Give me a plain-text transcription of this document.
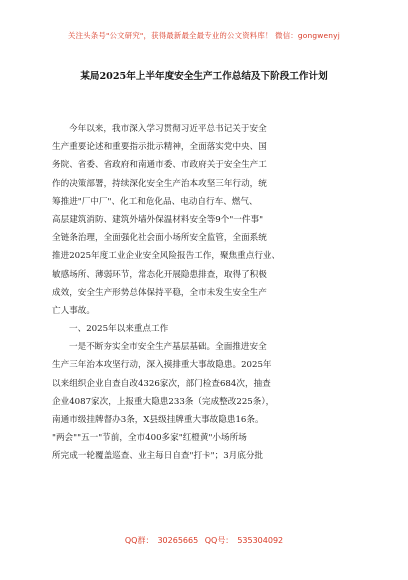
关注头条号"公文研究"，获得最新最全最专业的公文资料库！ 微信：gongwenyj
某局2025年上半年度安全生产工作总结及下阶段工作计划
今年以来，我市深入学习贯彻习近平总书记关于安全
生产重要论述和重要指示批示精神，全面落实党中央、国
务院、省委、省政府和南通市委、市政府关于安全生产工
作的决策部署，持续深化安全生产治本攻坚三年行动，统
筹推进"厂中厂"、化工和危化品、电动自行车、燃气、
高层建筑消防、建筑外墙外保温材料安全等9个"一件事"
全链条治理，全面强化社会面小场所安全监管，全面系统
推进2025年度工业企业安全风险报告工作，聚焦重点行业、
敏感场所、薄弱环节，常态化开展隐患排查，取得了积极
成效，安全生产形势总体保持平稳，全市未发生安全生产
亡人事故。
一、2025年以来重点工作
一是不断夯实全市安全生产基层基础。全面推进安全
生产三年治本攻坚行动，深入摸排重大事故隐患。2025年
以来组织企业自查自改4326家次，部门检查684次，抽查
企业4087家次，上报重大隐患233条（完成整改225条），
南通市级挂牌督办3条，X县级挂牌重大事故隐患16条。
"两会""五一"节前，全市400多家"红橙黄"小场所场
所完成一轮覆盖巡查、业主每日自查"打卡"；3月底分批
QQ群： 30265665 QQ号： 535304092
